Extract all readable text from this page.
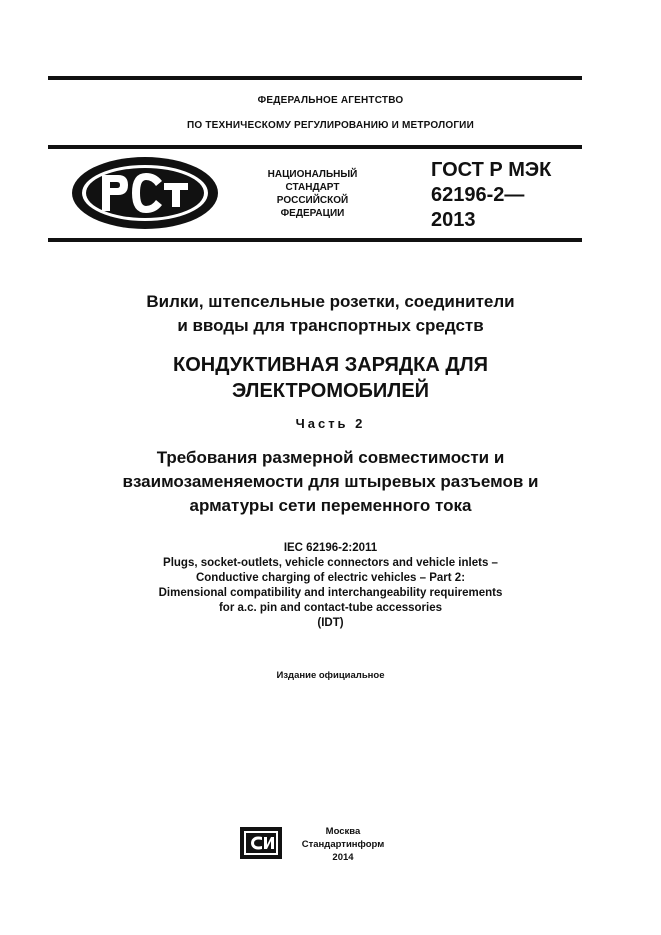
ФЕДЕРАЛЬНОЕ АГЕНТСТВО
ПО ТЕХНИЧЕСКОМУ РЕГУЛИРОВАНИЮ И МЕТРОЛОГИИ
НАЦИОНАЛЬНЫЙ
СТАНДАРТ
РОССИЙСКОЙ
ФЕДЕРАЦИИ
ГОСТ Р МЭК
62196-2—
2013
Вилки, штепсельные розетки, соединители
и вводы для транспортных средств
КОНДУКТИВНАЯ ЗАРЯДКА ДЛЯ
ЭЛЕКТРОМОБИЛЕЙ
Часть 2
Требования размерной совместимости и
взаимозаменяемости для штыревых разъемов и
арматуры сети переменного тока
IEC 62196-2:2011
Plugs, socket-outlets, vehicle connectors and vehicle inlets –
Conductive charging of electric vehicles – Part 2:
Dimensional compatibility and interchangeability requirements
for a.c. pin and contact-tube accessories
(IDT)
Издание официальное
СИ
Москва
Стандартинформ
2014
